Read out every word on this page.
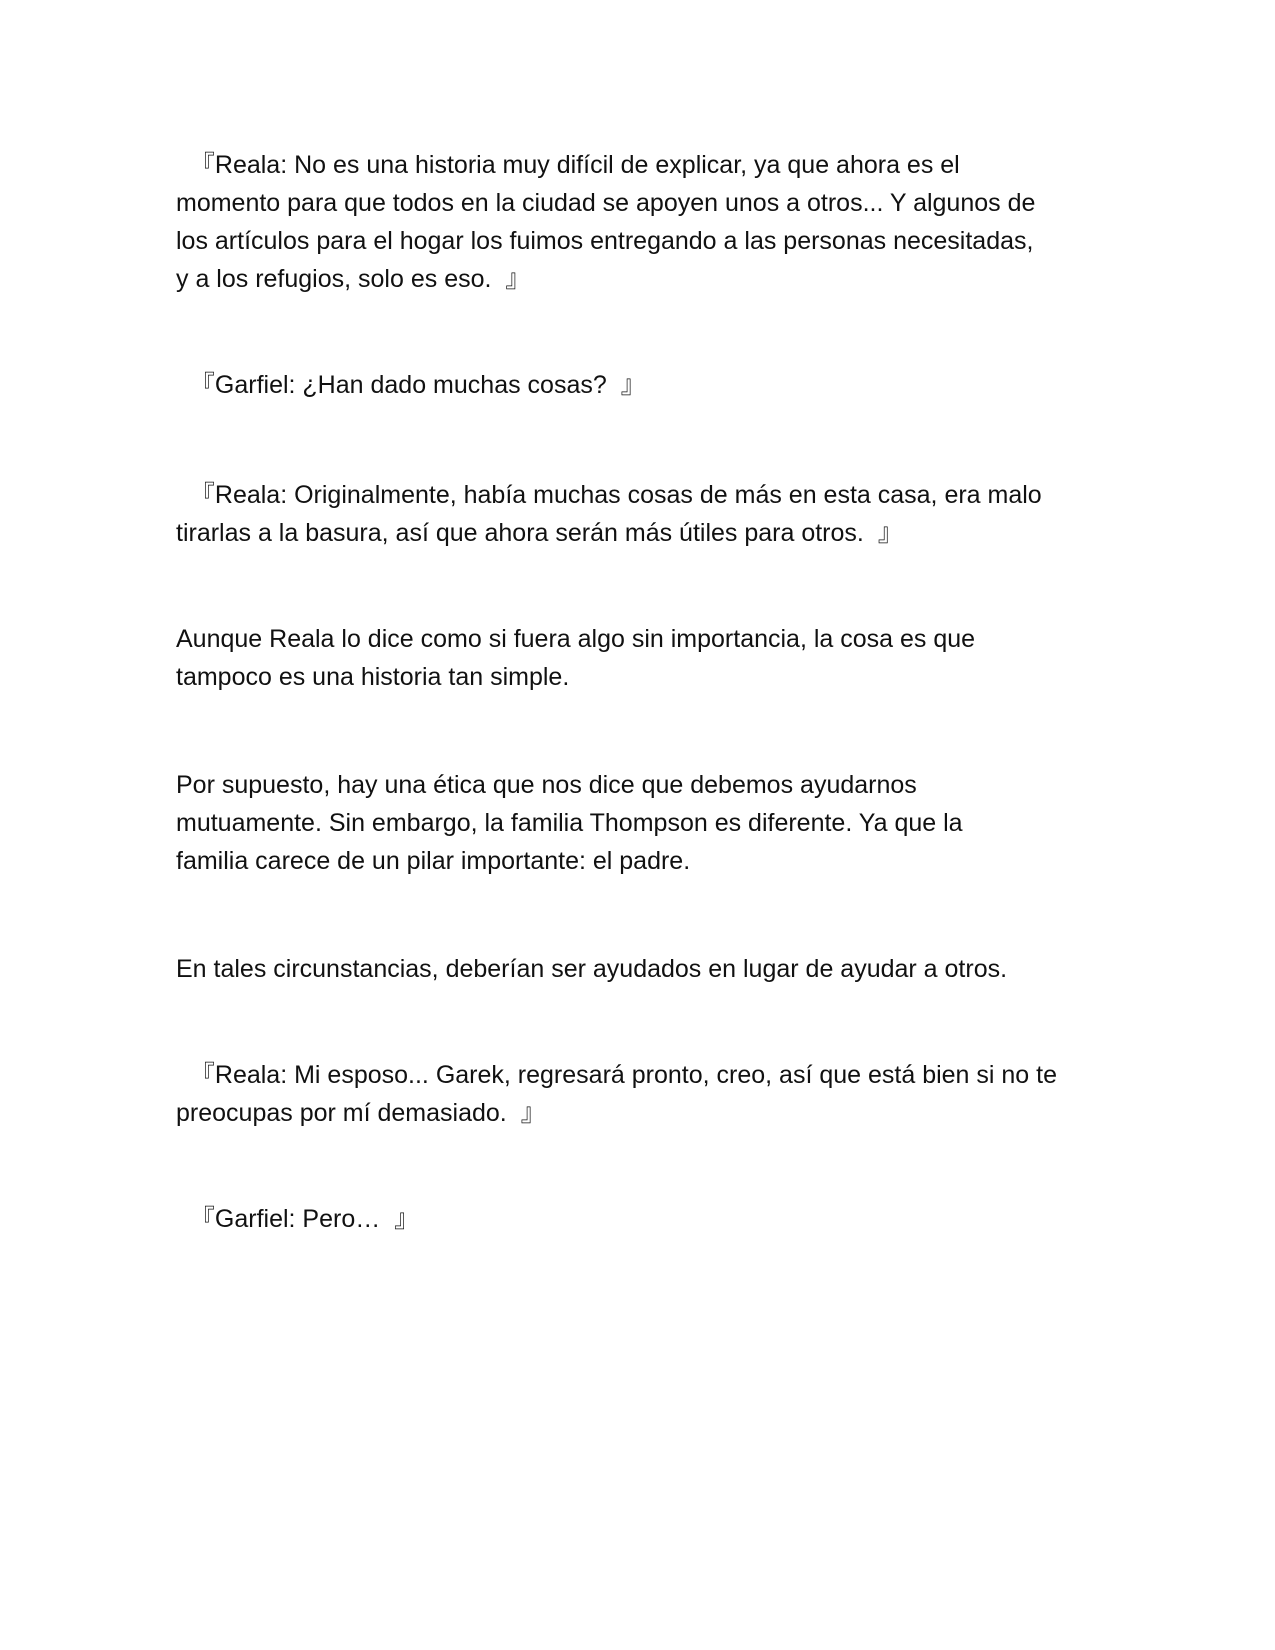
『Reala: No es una historia muy difícil de explicar, ya que ahora es el
momento para que todos en la ciudad se apoyen unos a otros... Y algunos de
los artículos para el hogar los fuimos entregando a las personas necesitadas,
y a los refugios, solo es eso.  』

『Garfiel: ¿Han dado muchas cosas?  』

『Reala: Originalmente, había muchas cosas de más en esta casa, era malo
tirarlas a la basura, así que ahora serán más útiles para otros.  』

Aunque Reala lo dice como si fuera algo sin importancia, la cosa es que
tampoco es una historia tan simple.

Por supuesto, hay una ética que nos dice que debemos ayudarnos
mutuamente. Sin embargo, la familia Thompson es diferente. Ya que la
familia carece de un pilar importante: el padre.

En tales circunstancias, deberían ser ayudados en lugar de ayudar a otros.

『Reala: Mi esposo... Garek, regresará pronto, creo, así que está bien si no te
preocupas por mí demasiado.  』

『Garfiel: Pero…  』
